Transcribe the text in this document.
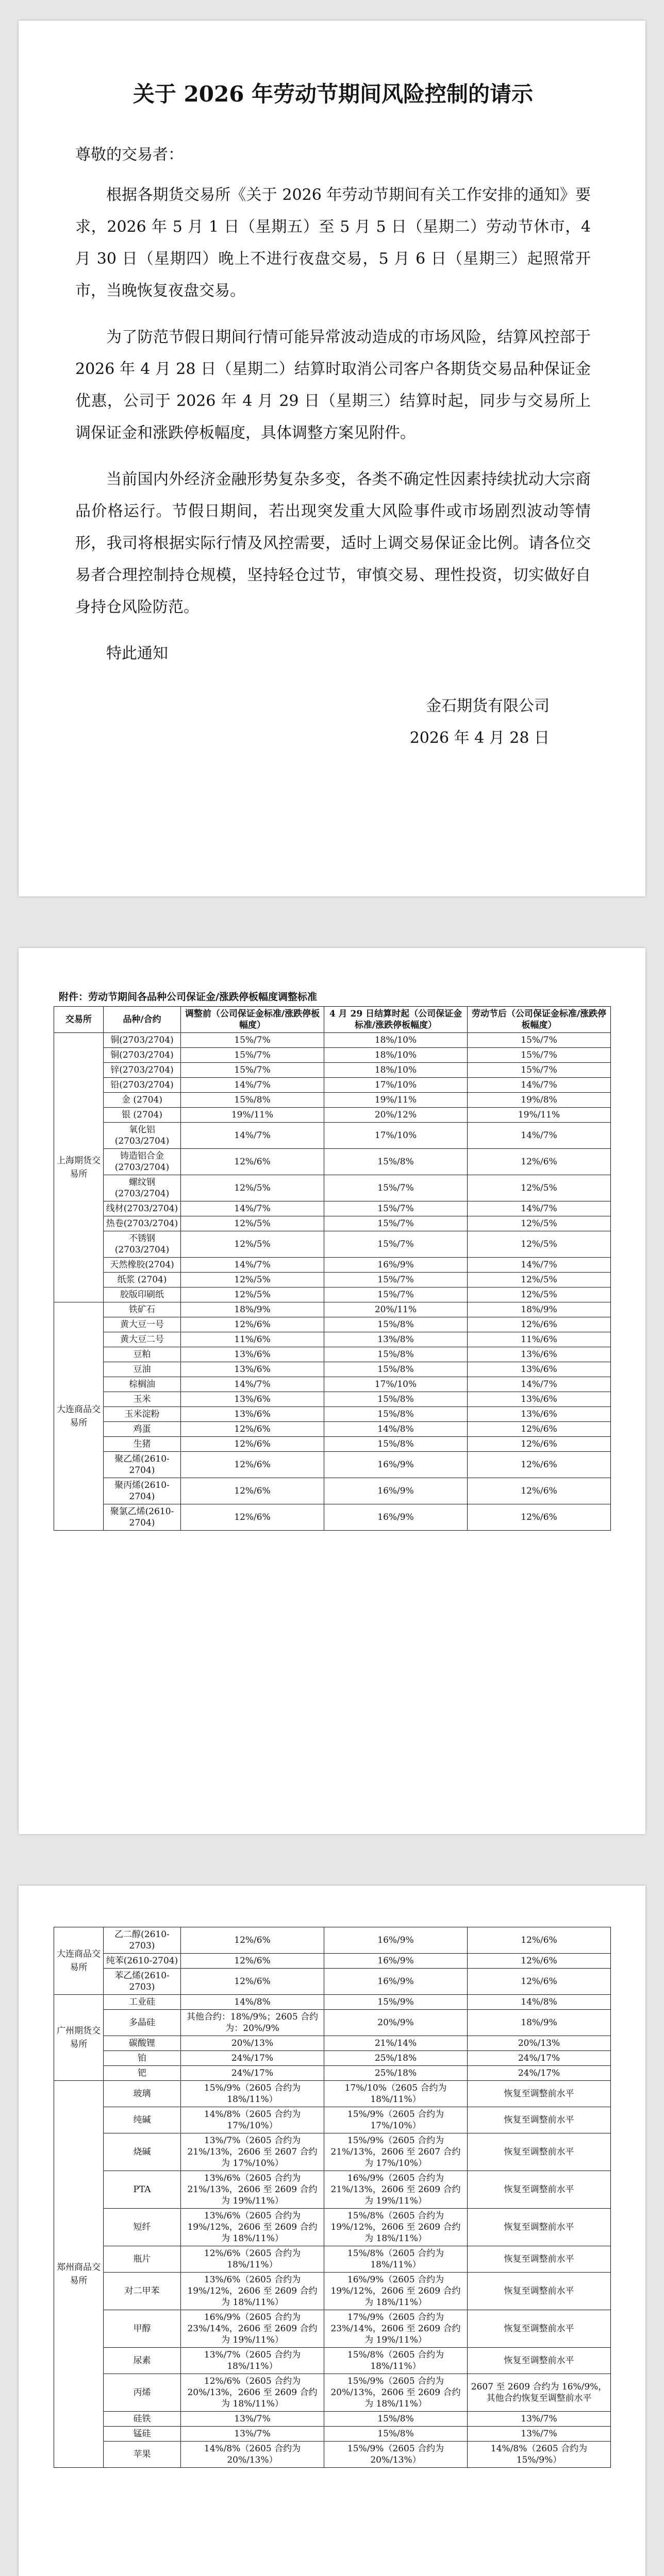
关于 2026 年劳动节期间风险控制的请示
尊敬的交易者：

根据各期货交易所《关于 2026 年劳动节期间有关工作安排的通知》要求，2026 年 5 月 1 日（星期五）至 5 月 5 日（星期二）劳动节休市，4 月 30 日（星期四）晚上不进行夜盘交易，5 月 6 日（星期三）起照常开市，当晚恢复夜盘交易。

为了防范节假日期间行情可能异常波动造成的市场风险，结算风控部于 2026 年 4 月 28 日（星期二）结算时取消公司客户各期货交易品种保证金优惠，公司于 2026 年 4 月 29 日（星期三）结算时起，同步与交易所上调保证金和涨跌停板幅度，具体调整方案见附件。

当前国内外经济金融形势复杂多变，各类不确定性因素持续扰动大宗商品价格运行。节假日期间，若出现突发重大风险事件或市场剧烈波动等情形，我司将根据实际行情及风控需要，适时上调交易保证金比例。请各位交易者合理控制持仓规模，坚持轻仓过节，审慎交易、理性投资，切实做好自身持仓风险防范。

特此通知
金石期货有限公司
2026 年 4 月 28 日
附件：劳动节期间各品种公司保证金/涨跌停板幅度调整标准
交易所	品种/合约	调整前（公司保证金标准/涨跌停板幅度）	4 月 29 日结算时起（公司保证金标准/涨跌停板幅度）	劳动节后（公司保证金标准/涨跌停板幅度）
上海期货交易所	铜(2703/2704)	15%/7%	18%/10%	15%/7%
	铜(2703/2704)	15%/7%	18%/10%	15%/7%
	锌(2703/2704)	15%/7%	18%/10%	15%/7%
	铅(2703/2704)	14%/7%	17%/10%	14%/7%
	金 (2704)	15%/8%	19%/11%	19%/8%
	银 (2704)	19%/11%	20%/12%	19%/11%
	氧化铝(2703/2704)	14%/7%	17%/10%	14%/7%
	铸造铝合金(2703/2704)	12%/6%	15%/8%	12%/6%
	螺纹钢(2703/2704)	12%/5%	15%/7%	12%/5%
	线材(2703/2704)	14%/7%	15%/7%	14%/7%
	热卷(2703/2704)	12%/5%	15%/7%	12%/5%
	不锈钢(2703/2704)	12%/5%	15%/7%	12%/5%
	天然橡胶(2704)	14%/7%	16%/9%	14%/7%
	纸浆 (2704)	12%/5%	15%/7%	12%/5%
	胶版印刷纸	12%/5%	15%/7%	12%/5%
大连商品交易所	铁矿石	18%/9%	20%/11%	18%/9%
	黄大豆一号	12%/6%	15%/8%	12%/6%
	黄大豆二号	11%/6%	13%/8%	11%/6%
	豆粕	13%/6%	15%/8%	13%/6%
	豆油	13%/6%	15%/8%	13%/6%
	棕榈油	14%/7%	17%/10%	14%/7%
	玉米	13%/6%	15%/8%	13%/6%
	玉米淀粉	13%/6%	15%/8%	13%/6%
	鸡蛋	12%/6%	14%/8%	12%/6%
	生猪	12%/6%	15%/8%	12%/6%
	聚乙烯(2610-2704)	12%/6%	16%/9%	12%/6%
	聚丙烯(2610-2704)	12%/6%	16%/9%	12%/6%
	聚氯乙烯(2610-2704)	12%/6%	16%/9%	12%/6%
大连商品交易所	乙二醇(2610-2703)	12%/6%	16%/9%	12%/6%
	纯苯(2610-2704)	12%/6%	16%/9%	12%/6%
	苯乙烯(2610-2703)	12%/6%	16%/9%	12%/6%
广州期货交易所	工业硅	14%/8%	15%/9%	14%/8%
	多晶硅	其他合约：18%/9%；2605 合约为：20%/9%	20%/9%	18%/9%
	碳酸锂	20%/13%	21%/14%	20%/13%
	铂	24%/17%	25%/18%	24%/17%
	钯	24%/17%	25%/18%	24%/17%
郑州商品交易所	玻璃	15%/9%（2605 合约为 18%/11%）	17%/10%（2605 合约为 18%/11%）	恢复至调整前水平
	纯碱	14%/8%（2605 合约为 17%/10%）	15%/9%（2605 合约为 17%/10%）	恢复至调整前水平
	烧碱	13%/7%（2605 合约为 21%/13%，2606 至 2607 合约为 17%/10%）	15%/9%（2605 合约为 21%/13%，2606 至 2607 合约为 17%/10%）	恢复至调整前水平
	PTA	13%/6%（2605 合约为 21%/13%，2606 至 2609 合约为 19%/11%）	16%/9%（2605 合约为 21%/13%，2606 至 2609 合约为 19%/11%）	恢复至调整前水平
	短纤	13%/6%（2605 合约为 19%/12%，2606 至 2609 合约为 18%/11%）	15%/8%（2605 合约为 19%/12%，2606 至 2609 合约为 18%/11%）	恢复至调整前水平
	瓶片	12%/6%（2605 合约为 18%/11%）	15%/8%（2605 合约为 18%/11%）	恢复至调整前水平
	对二甲苯	13%/6%（2605 合约为 19%/12%，2606 至 2609 合约为 18%/11%）	16%/9%（2605 合约为 19%/12%，2606 至 2609 合约为 18%/11%）	恢复至调整前水平
	甲醇	16%/9%（2605 合约为 23%/14%，2606 至 2609 合约为 19%/11%）	17%/9%（2605 合约为 23%/14%，2606 至 2609 合约为 19%/11%）	恢复至调整前水平
	尿素	13%/7%（2605 合约为 18%/11%）	15%/8%（2605 合约为 18%/11%）	恢复至调整前水平
	丙烯	12%/6%（2605 合约为 20%/13%，2606 至 2609 合约为 18%/11%）	15%/9%（2605 合约为 20%/13%，2606 至 2609 合约为 18%/11%）	2607 至 2609 合约为 16%/9%，其他合约恢复至调整前水平
	硅铁	13%/7%	15%/8%	13%/7%
	锰硅	13%/7%	15%/8%	13%/7%
	苹果	14%/8%（2605 合约为 20%/13%）	15%/9%（2605 合约为 20%/13%）	14%/8%（2605 合约为 15%/9%）
